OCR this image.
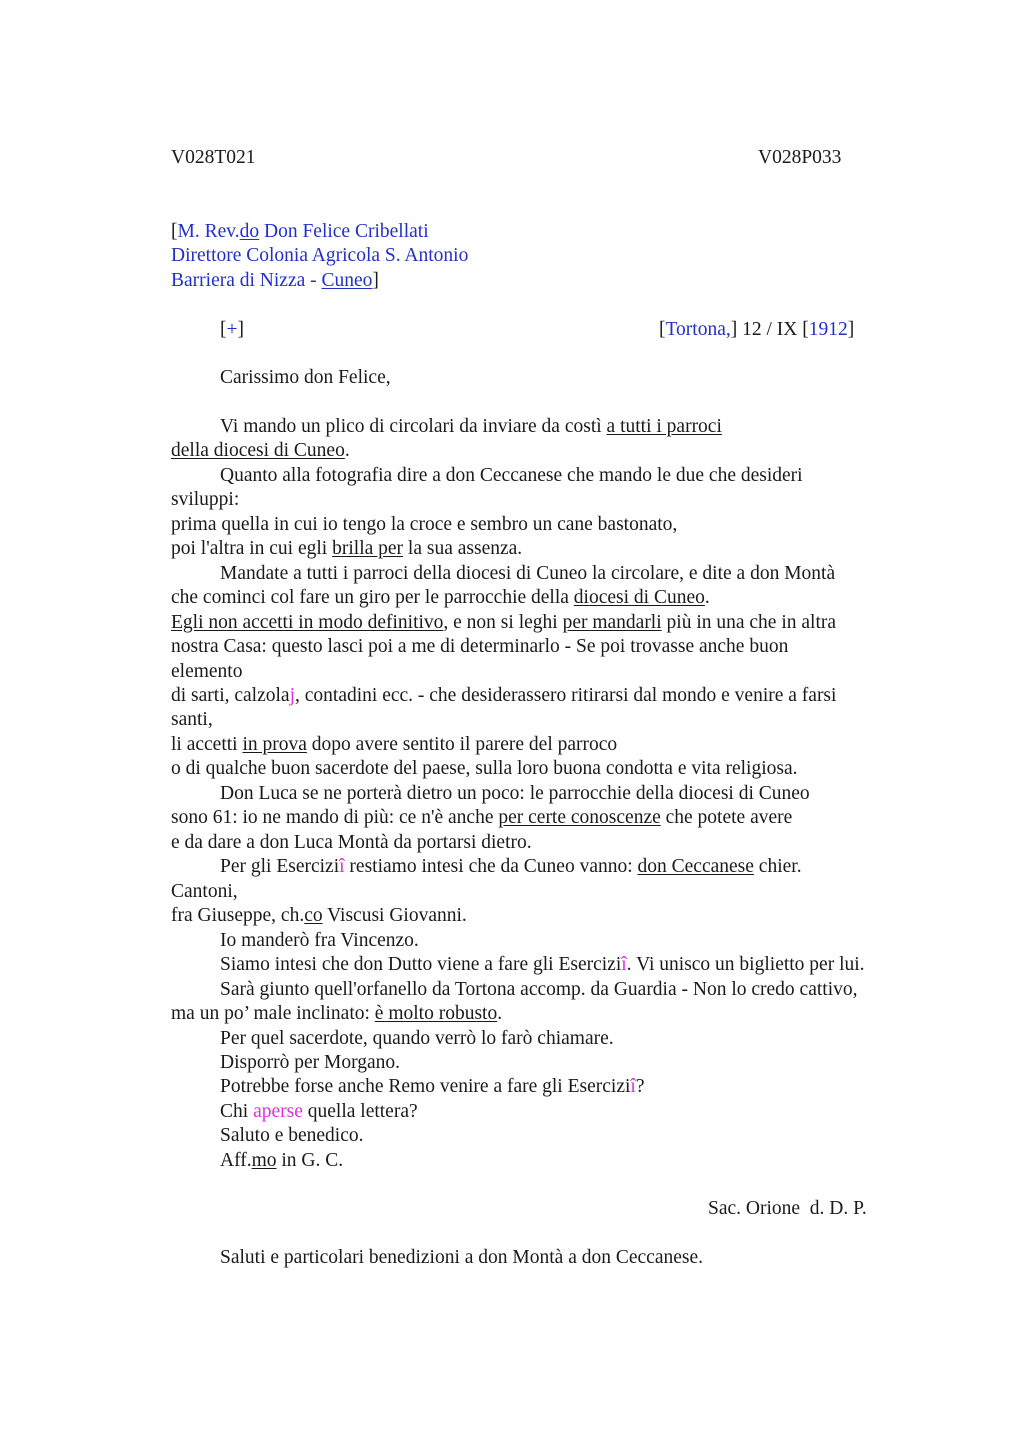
V028T021	V028P033
[M. Rev.do Don Felice Cribellati
Direttore Colonia Agricola S. Antonio
Barriera di Nizza - Cuneo]
[+]	[Tortona,] 12 / IX [1912]
Carissimo don Felice,
Vi mando un plico di circolari da inviare da costì a tutti i parroci
della diocesi di Cuneo.
Quanto alla fotografia dire a don Ceccanese che mando le due che desideri
sviluppi:
prima quella in cui io tengo la croce e sembro un cane bastonato,
poi l'altra in cui egli brilla per la sua assenza.
Mandate a tutti i parroci della diocesi di Cuneo la circolare, e dite a don Montà
che cominci col fare un giro per le parrocchie della diocesi di Cuneo.
Egli non accetti in modo definitivo, e non si leghi per mandarli più in una che in altra
nostra Casa: questo lasci poi a me di determinarlo - Se poi trovasse anche buon
elemento
di sarti, calzolaj, contadini ecc. - che desiderassero ritirarsi dal mondo e venire a farsi
santi,
li accetti in prova dopo avere sentito il parere del parroco
o di qualche buon sacerdote del paese, sulla loro buona condotta e vita religiosa.
Don Luca se ne porterà dietro un poco: le parrocchie della diocesi di Cuneo
sono 61: io ne mando di più: ce n'è anche per certe conoscenze che potete avere
e da dare a don Luca Montà da portarsi dietro.
Per gli Eserciziî restiamo intesi che da Cuneo vanno: don Ceccanese chier.
Cantoni,
fra Giuseppe, ch.co Viscusi Giovanni.
Io manderò fra Vincenzo.
Siamo intesi che don Dutto viene a fare gli Eserciziî. Vi unisco un biglietto per lui.
Sarà giunto quell'orfanello da Tortona accomp. da Guardia - Non lo credo cattivo,
ma un po’ male inclinato: è molto robusto.
Per quel sacerdote, quando verrò lo farò chiamare.
Disporrò per Morgano.
Potrebbe forse anche Remo venire a fare gli Eserciziî?
Chi aperse quella lettera?
Saluto e benedico.
Aff.mo in G. C.
Sac. Orione  d. D. P.
Saluti e particolari benedizioni a don Montà a don Ceccanese.
